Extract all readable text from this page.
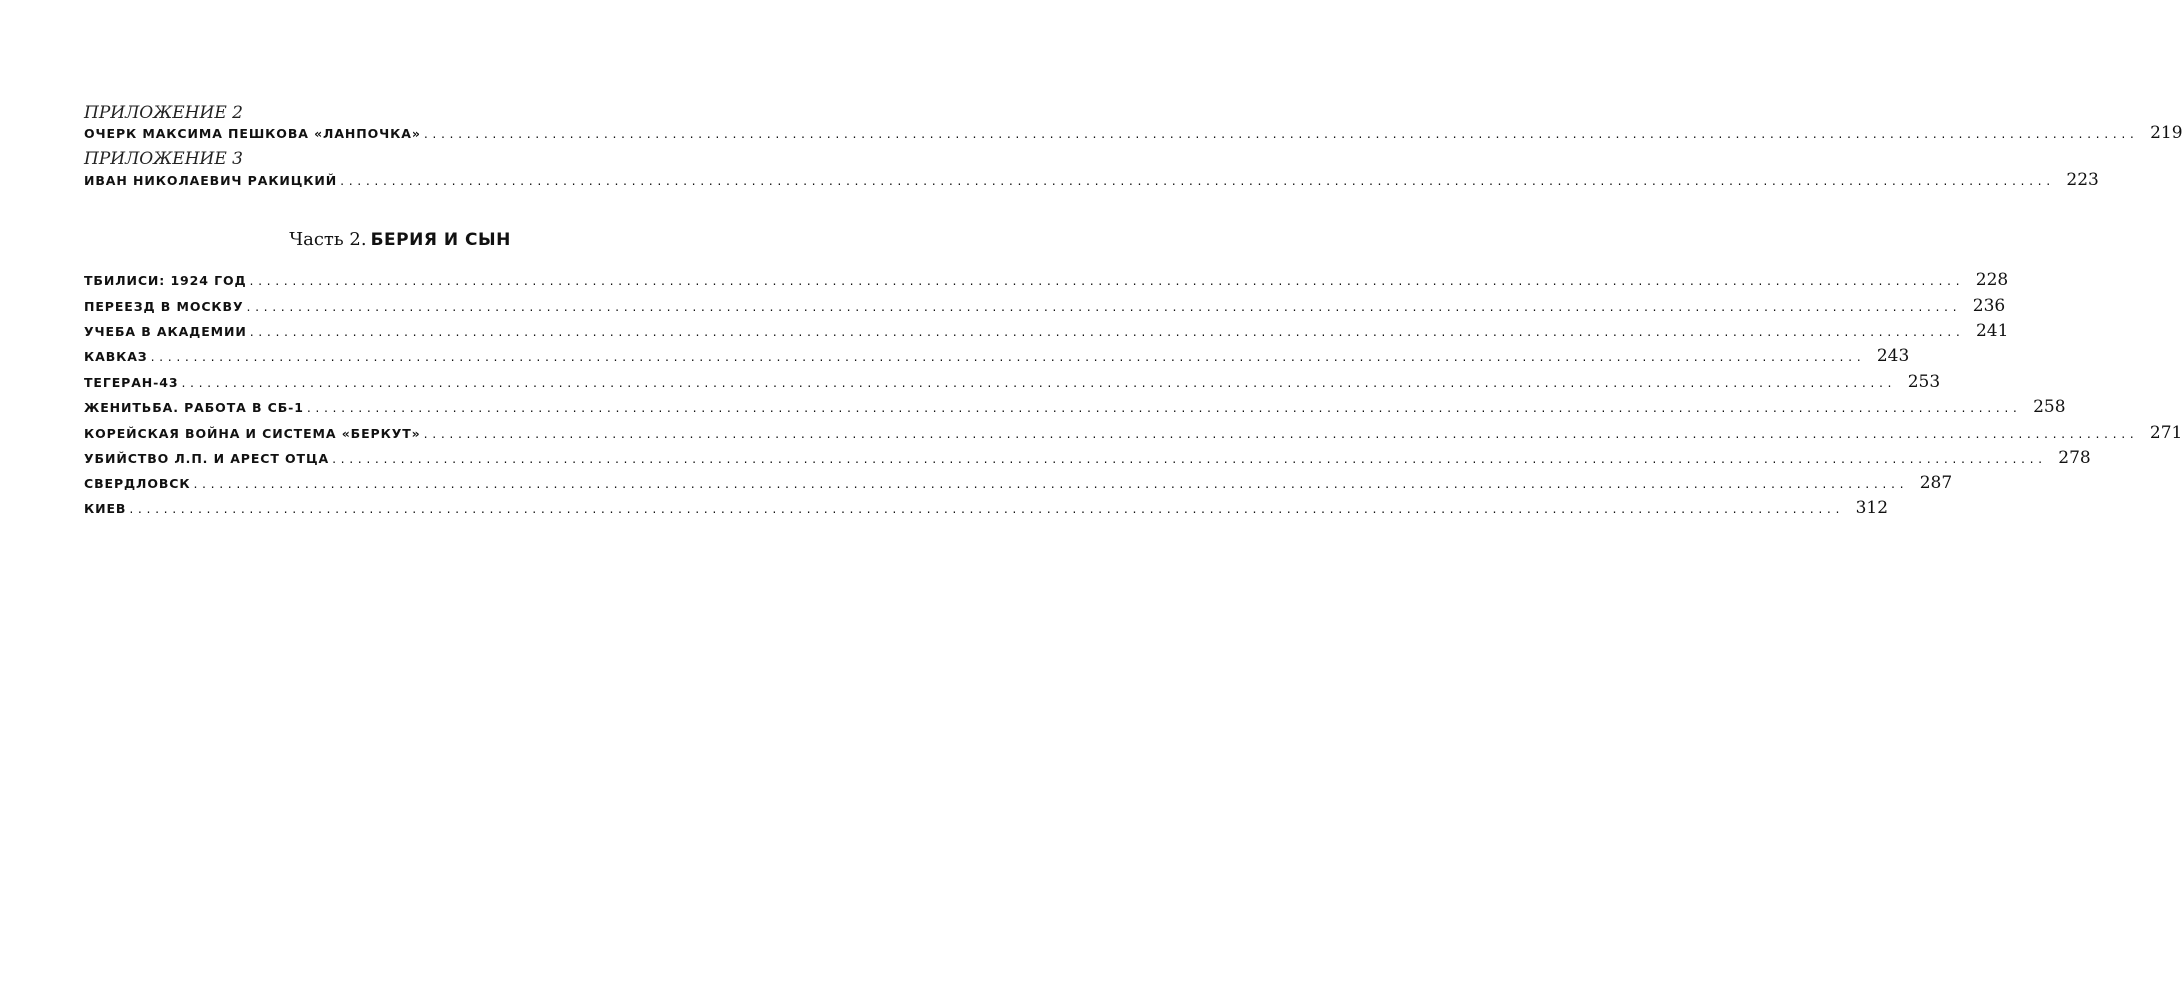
ПРИЛОЖЕНИЕ 2
ОЧЕРК МАКСИМА ПЕШКОВА «ЛАНПОЧКА» ........................................................................................................................................................................................................ 219
ПРИЛОЖЕНИЕ 3
ИВАН НИКОЛАЕВИЧ РАКИЦКИЙ ........................................................................................................................................................................................................ 223
Часть 2. БЕРИЯ И СЫН
ТБИЛИСИ: 1924 ГОД ........................................................................................................................................................................................................ 228
ПЕРЕЕЗД В МОСКВУ ........................................................................................................................................................................................................ 236
УЧЕБА В АКАДЕМИИ ........................................................................................................................................................................................................ 241
КАВКАЗ ........................................................................................................................................................................................................ 243
ТЕГЕРАН-43 ........................................................................................................................................................................................................ 253
ЖЕНИТЬБА. РАБОТА В СБ-1 ........................................................................................................................................................................................................ 258
КОРЕЙСКАЯ ВОЙНА И СИСТЕМА «БЕРКУТ» ........................................................................................................................................................................................................ 271
УБИЙСТВО Л.П. И АРЕСТ ОТЦА ........................................................................................................................................................................................................ 278
СВЕРДЛОВСК ........................................................................................................................................................................................................ 287
КИЕВ ........................................................................................................................................................................................................ 312
